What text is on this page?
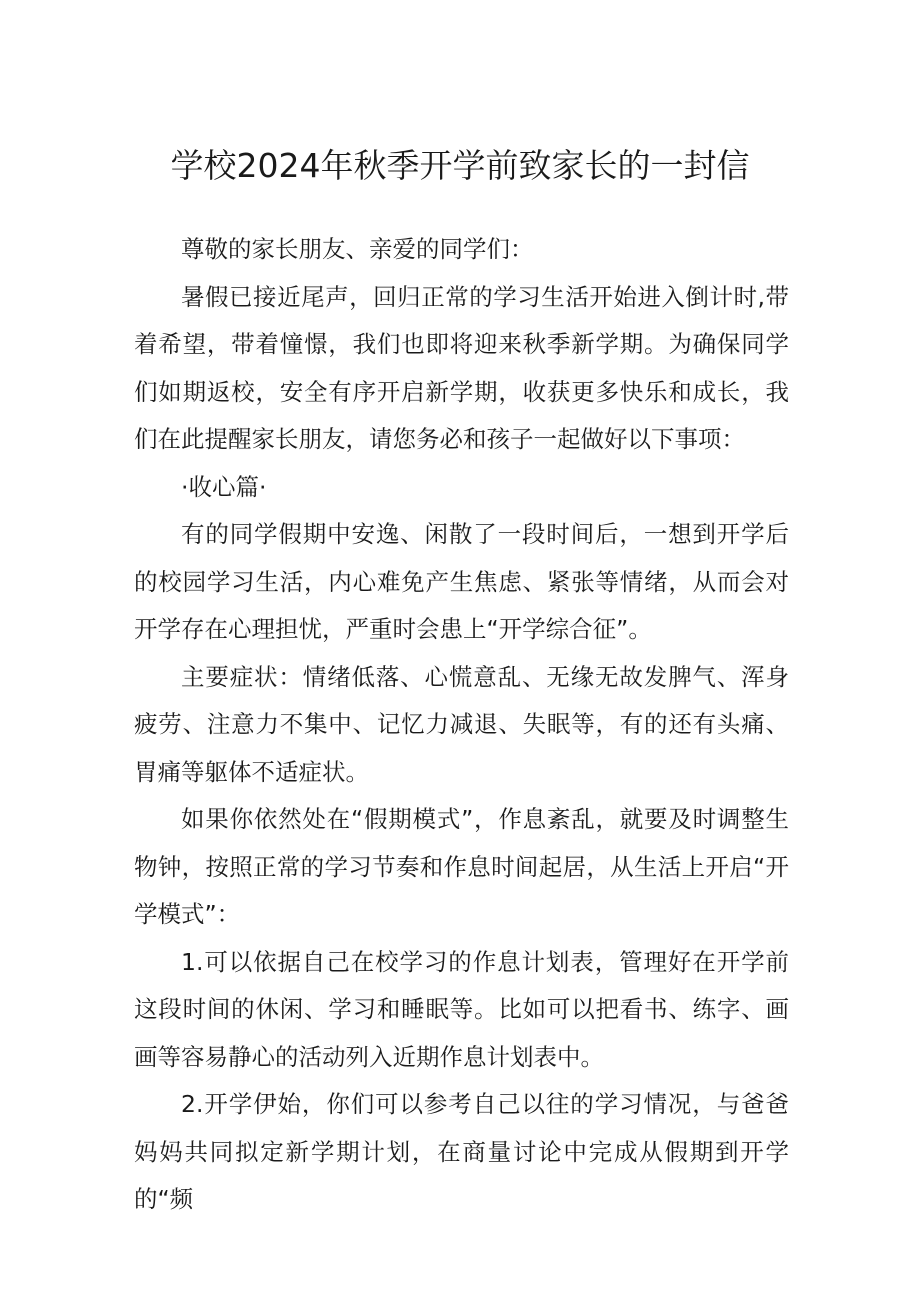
学校2024年秋季开学前致家长的一封信

尊敬的家长朋友、亲爱的同学们：

暑假已接近尾声，回归正常的学习生活开始进入倒计时,带着希望，带着憧憬，我们也即将迎来秋季新学期。为确保同学们如期返校，安全有序开启新学期，收获更多快乐和成长，我们在此提醒家长朋友，请您务必和孩子一起做好以下事项：

·收心篇·

有的同学假期中安逸、闲散了一段时间后，一想到开学后的校园学习生活，内心难免产生焦虑、紧张等情绪，从而会对开学存在心理担忧，严重时会患上“开学综合征”。

主要症状：情绪低落、心慌意乱、无缘无故发脾气、浑身疲劳、注意力不集中、记忆力减退、失眠等，有的还有头痛、胃痛等躯体不适症状。

如果你依然处在“假期模式”，作息紊乱，就要及时调整生物钟，按照正常的学习节奏和作息时间起居，从生活上开启“开学模式”：

1.可以依据自己在校学习的作息计划表，管理好在开学前这段时间的休闲、学习和睡眠等。比如可以把看书、练字、画画等容易静心的活动列入近期作息计划表中。

2.开学伊始，你们可以参考自己以往的学习情况，与爸爸妈妈共同拟定新学期计划，在商量讨论中完成从假期到开学的“频
